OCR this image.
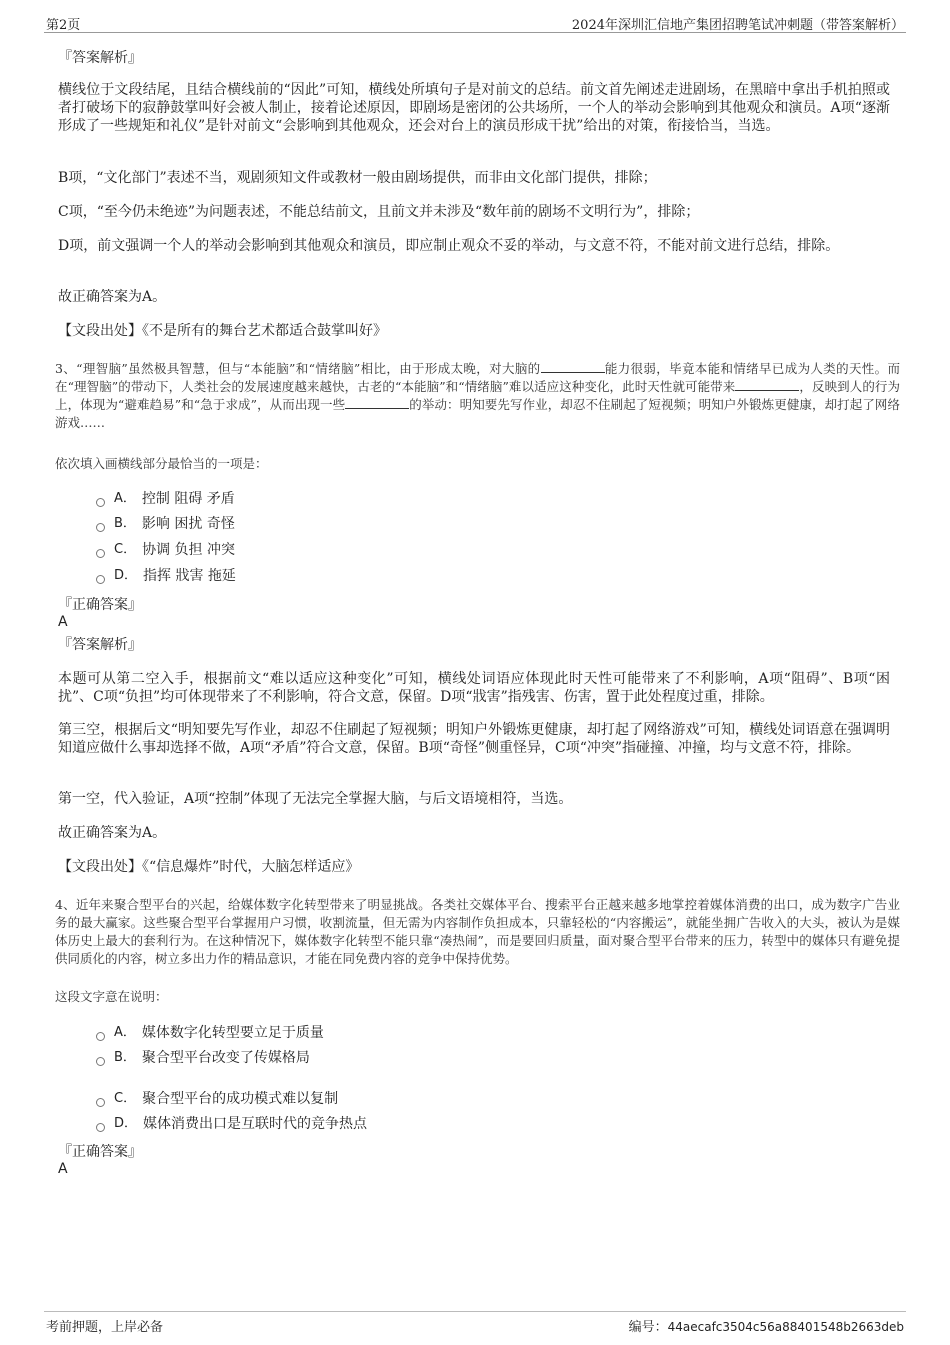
第2页	2024年深圳汇信地产集团招聘笔试冲刺题（带答案解析）
『答案解析』
横线位于文段结尾，且结合横线前的“因此”可知，横线处所填句子是对前文的总结。前文首先阐述走进剧场，在黑暗中拿出手机拍照或者打破场下的寂静鼓掌叫好会被人制止，接着论述原因，即剧场是密闭的公共场所，一个人的举动会影响到其他观众和演员。A项“逐渐形成了一些规矩和礼仪”是针对前文“会影响到其他观众，还会对台上的演员形成干扰”给出的对策，衔接恰当，当选。
B项，“文化部门”表述不当，观剧须知文件或教材一般由剧场提供，而非由文化部门提供，排除；
C项，“至今仍未绝迹”为问题表述，不能总结前文，且前文并未涉及“数年前的剧场不文明行为”，排除；
D项，前文强调一个人的举动会影响到其他观众和演员，即应制止观众不妥的举动，与文意不符，不能对前文进行总结，排除。
故正确答案为A。
【文段出处】《不是所有的舞台艺术都适合鼓掌叫好》
3、“理智脑”虽然极具智慧，但与“本能脑”和“情绪脑”相比，由于形成太晚，对大脑的	能力很弱，毕竟本能和情绪早已成为人类的天性。而在“理智脑”的带动下，人类社会的发展速度越来越快，古老的“本能脑”和“情绪脑”难以适应这种变化，此时天性就可能带来	，反映到人的行为上，体现为“避难趋易”和“急于求成”，从而出现一些	的举动：明知要先写作业，却忍不住刷起了短视频；明知户外锻炼更健康，却打起了网络游戏……
依次填入画横线部分最恰当的一项是：
A． 控制 阻碍 矛盾
B． 影响 困扰 奇怪
C． 协调 负担 冲突
D． 指挥 戕害 拖延
『正确答案』
A
『答案解析』
本题可从第二空入手，根据前文“难以适应这种变化”可知，横线处词语应体现此时天性可能带来了不利影响，A项“阻碍”、B项“困扰”、C项“负担”均可体现带来了不利影响，符合文意，保留。D项“戕害”指残害、伤害，置于此处程度过重，排除。
第三空，根据后文“明知要先写作业，却忍不住刷起了短视频；明知户外锻炼更健康，却打起了网络游戏”可知，横线处词语意在强调明知道应做什么事却选择不做，A项“矛盾”符合文意，保留。B项“奇怪”侧重怪异，C项“冲突”指碰撞、冲撞，均与文意不符，排除。
第一空，代入验证，A项“控制”体现了无法完全掌握大脑，与后文语境相符，当选。
故正确答案为A。
【文段出处】《“信息爆炸”时代，大脑怎样适应》
4、近年来聚合型平台的兴起，给媒体数字化转型带来了明显挑战。各类社交媒体平台、搜索平台正越来越多地掌控着媒体消费的出口，成为数字广告业务的最大赢家。这些聚合型平台掌握用户习惯，收割流量，但无需为内容制作负担成本，只靠轻松的“内容搬运”，就能坐拥广告收入的大头，被认为是媒体历史上最大的套利行为。在这种情况下，媒体数字化转型不能只靠“凑热闹”，而是要回归质量，面对聚合型平台带来的压力，转型中的媒体只有避免提供同质化的内容，树立多出力作的精品意识，才能在同免费内容的竞争中保持优势。
这段文字意在说明：
A． 媒体数字化转型要立足于质量
B． 聚合型平台改变了传媒格局
C． 聚合型平台的成功模式难以复制
D． 媒体消费出口是互联时代的竞争热点
『正确答案』
A
考前押题，上岸必备	编号：44aecafc3504c56a88401548b2663deb
